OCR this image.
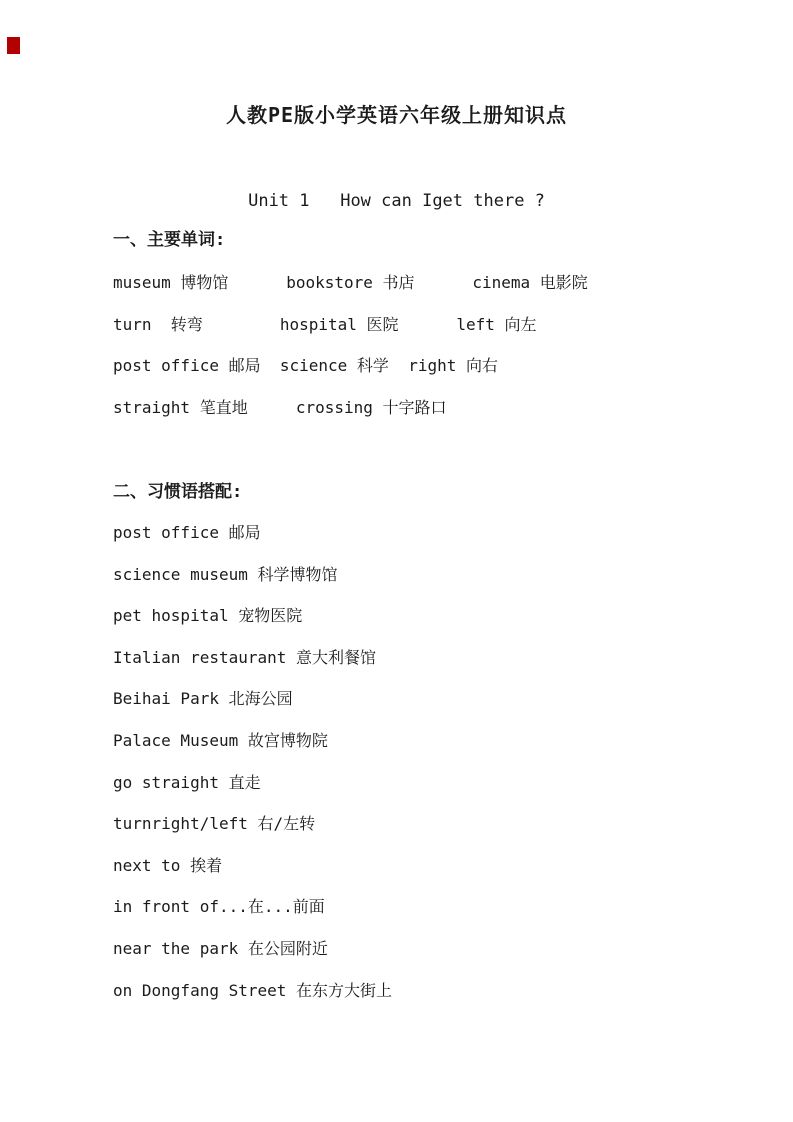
人教PE版小学英语六年级上册知识点
Unit 1   How can Iget there ?
一、主要单词:
museum 博物馆      bookstore 书店      cinema 电影院
turn  转弯        hospital 医院      left 向左
post office 邮局  science 科学  right 向右
straight 笔直地     crossing 十字路口
二、习惯语搭配:
post office 邮局
science museum 科学博物馆
pet hospital 宠物医院
Italian restaurant 意大利餐馆
Beihai Park 北海公园
Palace Museum 故宫博物院
go straight 直走
turnright/left 右/左转
next to 挨着
in front of...在...前面
near the park 在公园附近
on Dongfang Street 在东方大街上
